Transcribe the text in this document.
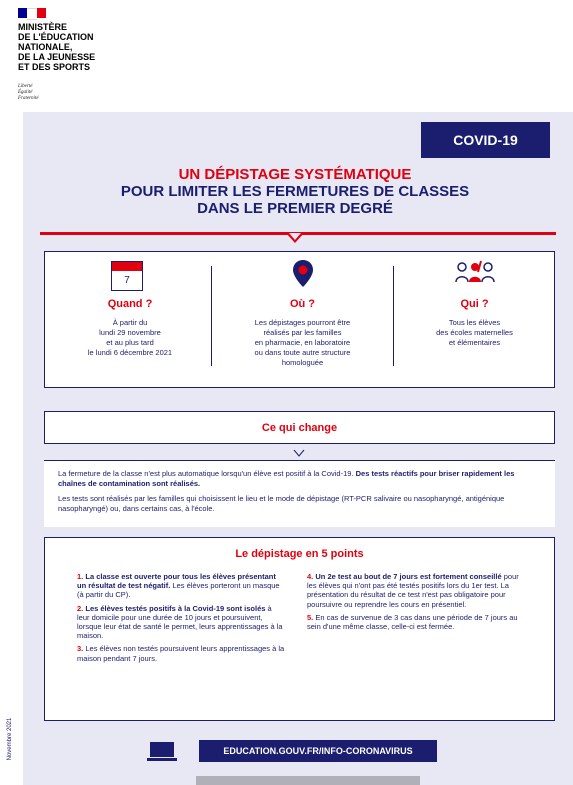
MINISTÈRE
DE L'ÉDUCATION
NATIONALE,
DE LA JEUNESSE
ET DES SPORTS
Liberté
Égalité
Fraternité
COVID-19
UN DÉPISTAGE SYSTÉMATIQUE
POUR LIMITER LES FERMETURES DE CLASSES
DANS LE PREMIER DEGRÉ
7
Quand ?
À partir du
lundi 29 novembre
et au plus tard
le lundi 6 décembre 2021
Où ?
Les dépistages pourront être
réalisés par les familles
en pharmacie, en laboratoire
ou dans toute autre structure
homologuée
Qui ?
Tous les élèves
des écoles maternelles
et élémentaires
Ce qui change

La fermeture de la classe n'est plus automatique lorsqu'un élève est positif à la Covid-19. Des tests réactifs pour briser rapidement les chaînes de contamination sont réalisés.

Les tests sont réalisés par les familles qui choisissent le lieu et le mode de dépistage (RT-PCR salivaire ou nasopharyngé, antigénique nasopharyngé) ou, dans certains cas, à l'école.

Le dépistage en 5 points

1. La classe est ouverte pour tous les élèves présentant un résultat de test négatif. Les élèves porteront un masque (à partir du CP).

2. Les élèves testés positifs à la Covid-19 sont isolés à leur domicile pour une durée de 10 jours et poursuivent, lorsque leur état de santé le permet, leurs apprentissages à la maison.

3. Les élèves non testés poursuivent leurs apprentissages à la maison pendant 7 jours.

4. Un 2e test au bout de 7 jours est fortement conseillé pour les élèves qui n'ont pas été testés positifs lors du 1er test. La présentation du résultat de ce test n'est pas obligatoire pour poursuivre ou reprendre les cours en présentiel.

5. En cas de survenue de 3 cas dans une période de 7 jours au sein d'une même classe, celle-ci est fermée.

EDUCATION.GOUV.FR/INFO-CORONAVIRUS
Novembre 2021
